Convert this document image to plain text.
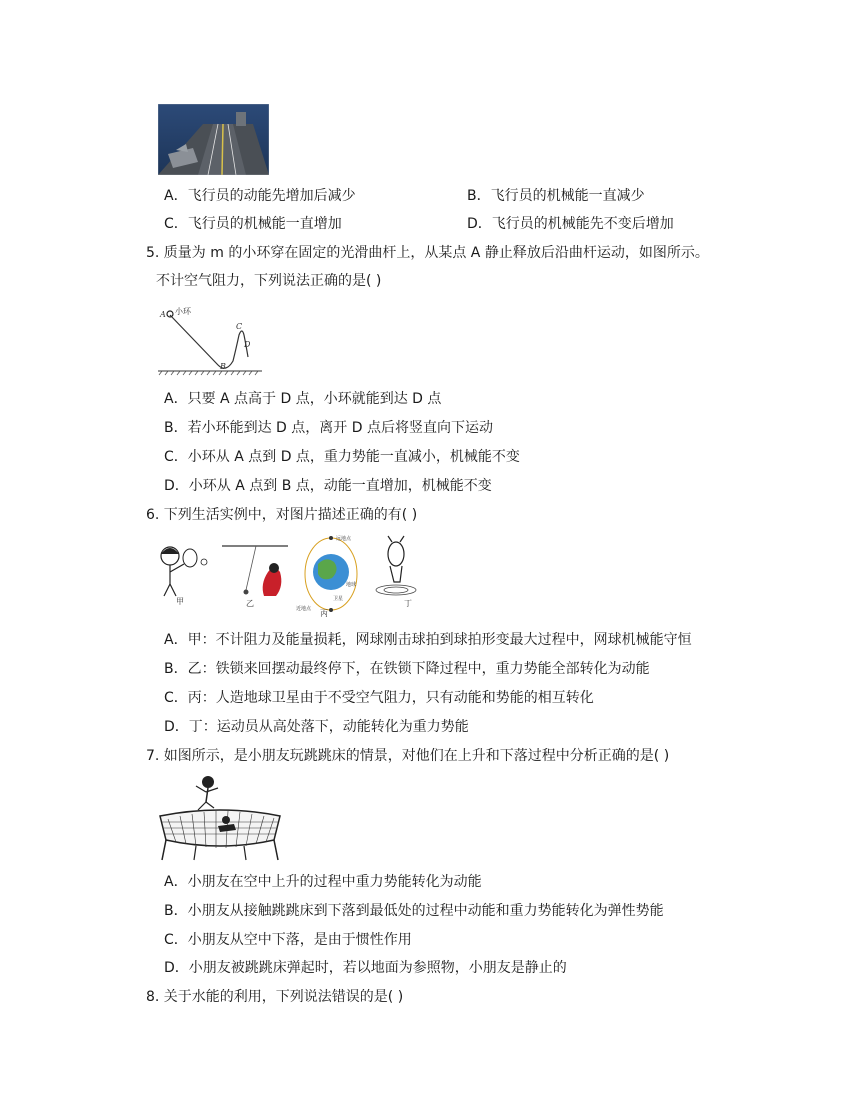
A．飞行员的动能先增加后减少	B．飞行员的机械能一直减少
C．飞行员的机械能一直增加	D．飞行员的机械能先不变后增加
5. 质量为 m 的小环穿在固定的光滑曲杆上，从某点 A 静止释放后沿曲杆运动，如图所示。
不计空气阻力，下列说法正确的是( )
A 小环
B
C
D
A．只要 A 点高于 D 点，小环就能到达 D 点
B．若小环能到达 D 点，离开 D 点后将竖直向下运动
C．小环从 A 点到 D 点，重力势能一直减小，机械能不变
D．小环从 A 点到 B 点，动能一直增加，机械能不变
6. 下列生活实例中，对图片描述正确的有( )
甲	乙
远地点
近地点
地球
卫星
丙
丁
A．甲：不计阻力及能量损耗，网球刚击球拍到球拍形变最大过程中，网球机械能守恒
B．乙：铁锁来回摆动最终停下，在铁锁下降过程中，重力势能全部转化为动能
C．丙：人造地球卫星由于不受空气阻力，只有动能和势能的相互转化
D．丁：运动员从高处落下，动能转化为重力势能
7. 如图所示，是小朋友玩跳跳床的情景，对他们在上升和下落过程中分析正确的是( )
A．小朋友在空中上升的过程中重力势能转化为动能
B．小朋友从接触跳跳床到下落到最低处的过程中动能和重力势能转化为弹性势能
C．小朋友从空中下落，是由于惯性作用
D．小朋友被跳跳床弹起时，若以地面为参照物，小朋友是静止的
8. 关于水能的利用，下列说法错误的是( )
